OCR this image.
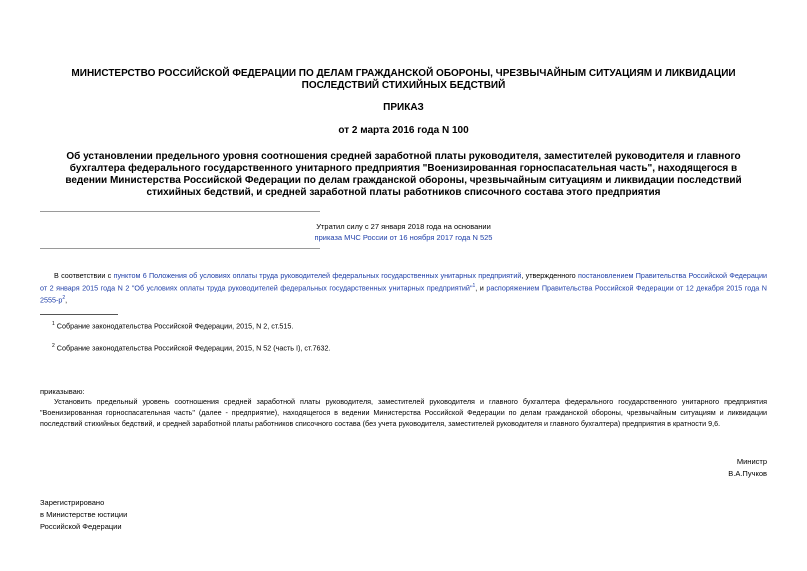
МИНИСТЕРСТВО РОССИЙСКОЙ ФЕДЕРАЦИИ ПО ДЕЛАМ ГРАЖДАНСКОЙ ОБОРОНЫ, ЧРЕЗВЫЧАЙНЫМ СИТУАЦИЯМ И ЛИКВИДАЦИИ ПОСЛЕДСТВИЙ СТИХИЙНЫХ БЕДСТВИЙ
ПРИКАЗ
от 2 марта 2016 года N 100
Об установлении предельного уровня соотношения средней заработной платы руководителя, заместителей руководителя и главного бухгалтера федерального государственного унитарного предприятия "Военизированная горноспасательная часть", находящегося в ведении Министерства Российской Федерации по делам гражданской обороны, чрезвычайным ситуациям и ликвидации последствий стихийных бедствий, и средней заработной платы работников списочного состава этого предприятия
Утратил силу с 27 января 2018 года на основании
приказа МЧС России от 16 ноября 2017 года N 525
В соответствии с пунктом 6 Положения об условиях оплаты труда руководителей федеральных государственных унитарных предприятий, утвержденного постановлением Правительства Российской Федерации от 2 января 2015 года N 2 "Об условиях оплаты труда руководителей федеральных государственных унитарных предприятий"$^1$, и распоряжением Правительства Российской Федерации от 12 декабря 2015 года N $2555-р^2$,
$^1$ Собрание законодательства Российской Федерации, 2015, N 2, ст.515.
$^2$ Собрание законодательства Российской Федерации, 2015, N 52 (часть I), ст.7632.
приказываю:
Установить предельный уровень соотношения средней заработной платы руководителя, заместителей руководителя и главного бухгалтера федерального государственного унитарного предприятия "Военизированная горноспасательная часть" (далее - предприятие), находящегося в ведении Министерства Российской Федерации по делам гражданской обороны, чрезвычайным ситуациям и ликвидации последствий стихийных бедствий, и средней заработной платы работников списочного состава (без учета руководителя, заместителей руководителя и главного бухгалтера) предприятия в кратности 9,6.
Министр
В.А.Пучков
Зарегистрировано
в Министерстве юстиции
Российской Федерации
